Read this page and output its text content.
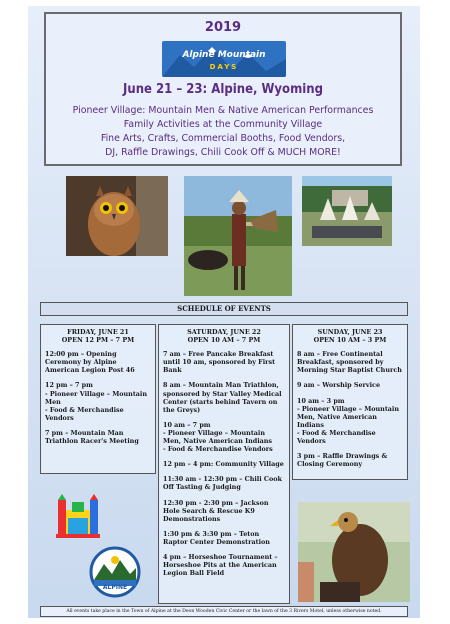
2019
Alpine Mountain
DAYS
June 21 – 23: Alpine, Wyoming
Pioneer Village: Mountain Men & Native American Performances
Family Activities at the Community Village
Fine Arts, Crafts, Commercial Booths, Food Vendors,
DJ, Raffle Drawings, Chili Cook Off & MUCH MORE!
SCHEDULE OF EVENTS
FRIDAY, JUNE 21
OPEN 12 PM – 7 PM

12:00 pm – Opening Ceremony by Alpine American Legion Post 46

12 pm – 7 pm
- Pioneer Village – Mountain Men
- Food & Merchandise Vendors

7 pm – Mountain Man Triathlon Racer's Meeting

SATURDAY, JUNE 22
OPEN 10 AM – 7 PM

7 am – Free Pancake Breakfast until 10 am, sponsored by First Bank

8 am – Mountain Man Triathlon, sponsored by Star Valley Medical Center (starts behind Tavern on the Greys)

10 am – 7 pm
- Pioneer Village – Mountain Men, Native American Indians
- Food & Merchandise Vendors

12 pm – 4 pm: Community Village

11:30 am - 12:30 pm – Chili Cook Off Tasting & Judging

12:30 pm - 2:30 pm – Jackson Hole Search & Rescue K9 Demonstrations

1:30 pm & 3:30 pm – Teton Raptor Center Demonstration

4 pm – Horseshoe Tournament – Horseshoe Pits at the American Legion Ball Field

SUNDAY, JUNE 23
OPEN 10 AM – 3 PM

8 am – Free Continental Breakfast, sponsored by Morning Star Baptist Church

9 am – Worship Service

10 am – 3 pm
- Pioneer Village – Mountain Men, Native American Indians
- Food & Merchandise Vendors

3 pm – Raffle Drawings & Closing Ceremony

ALPINE
All events take place in the Town of Alpine at the Deon Wooden Civic Center or the lawn of the 3 Rivers Motel, unless otherwise noted.
